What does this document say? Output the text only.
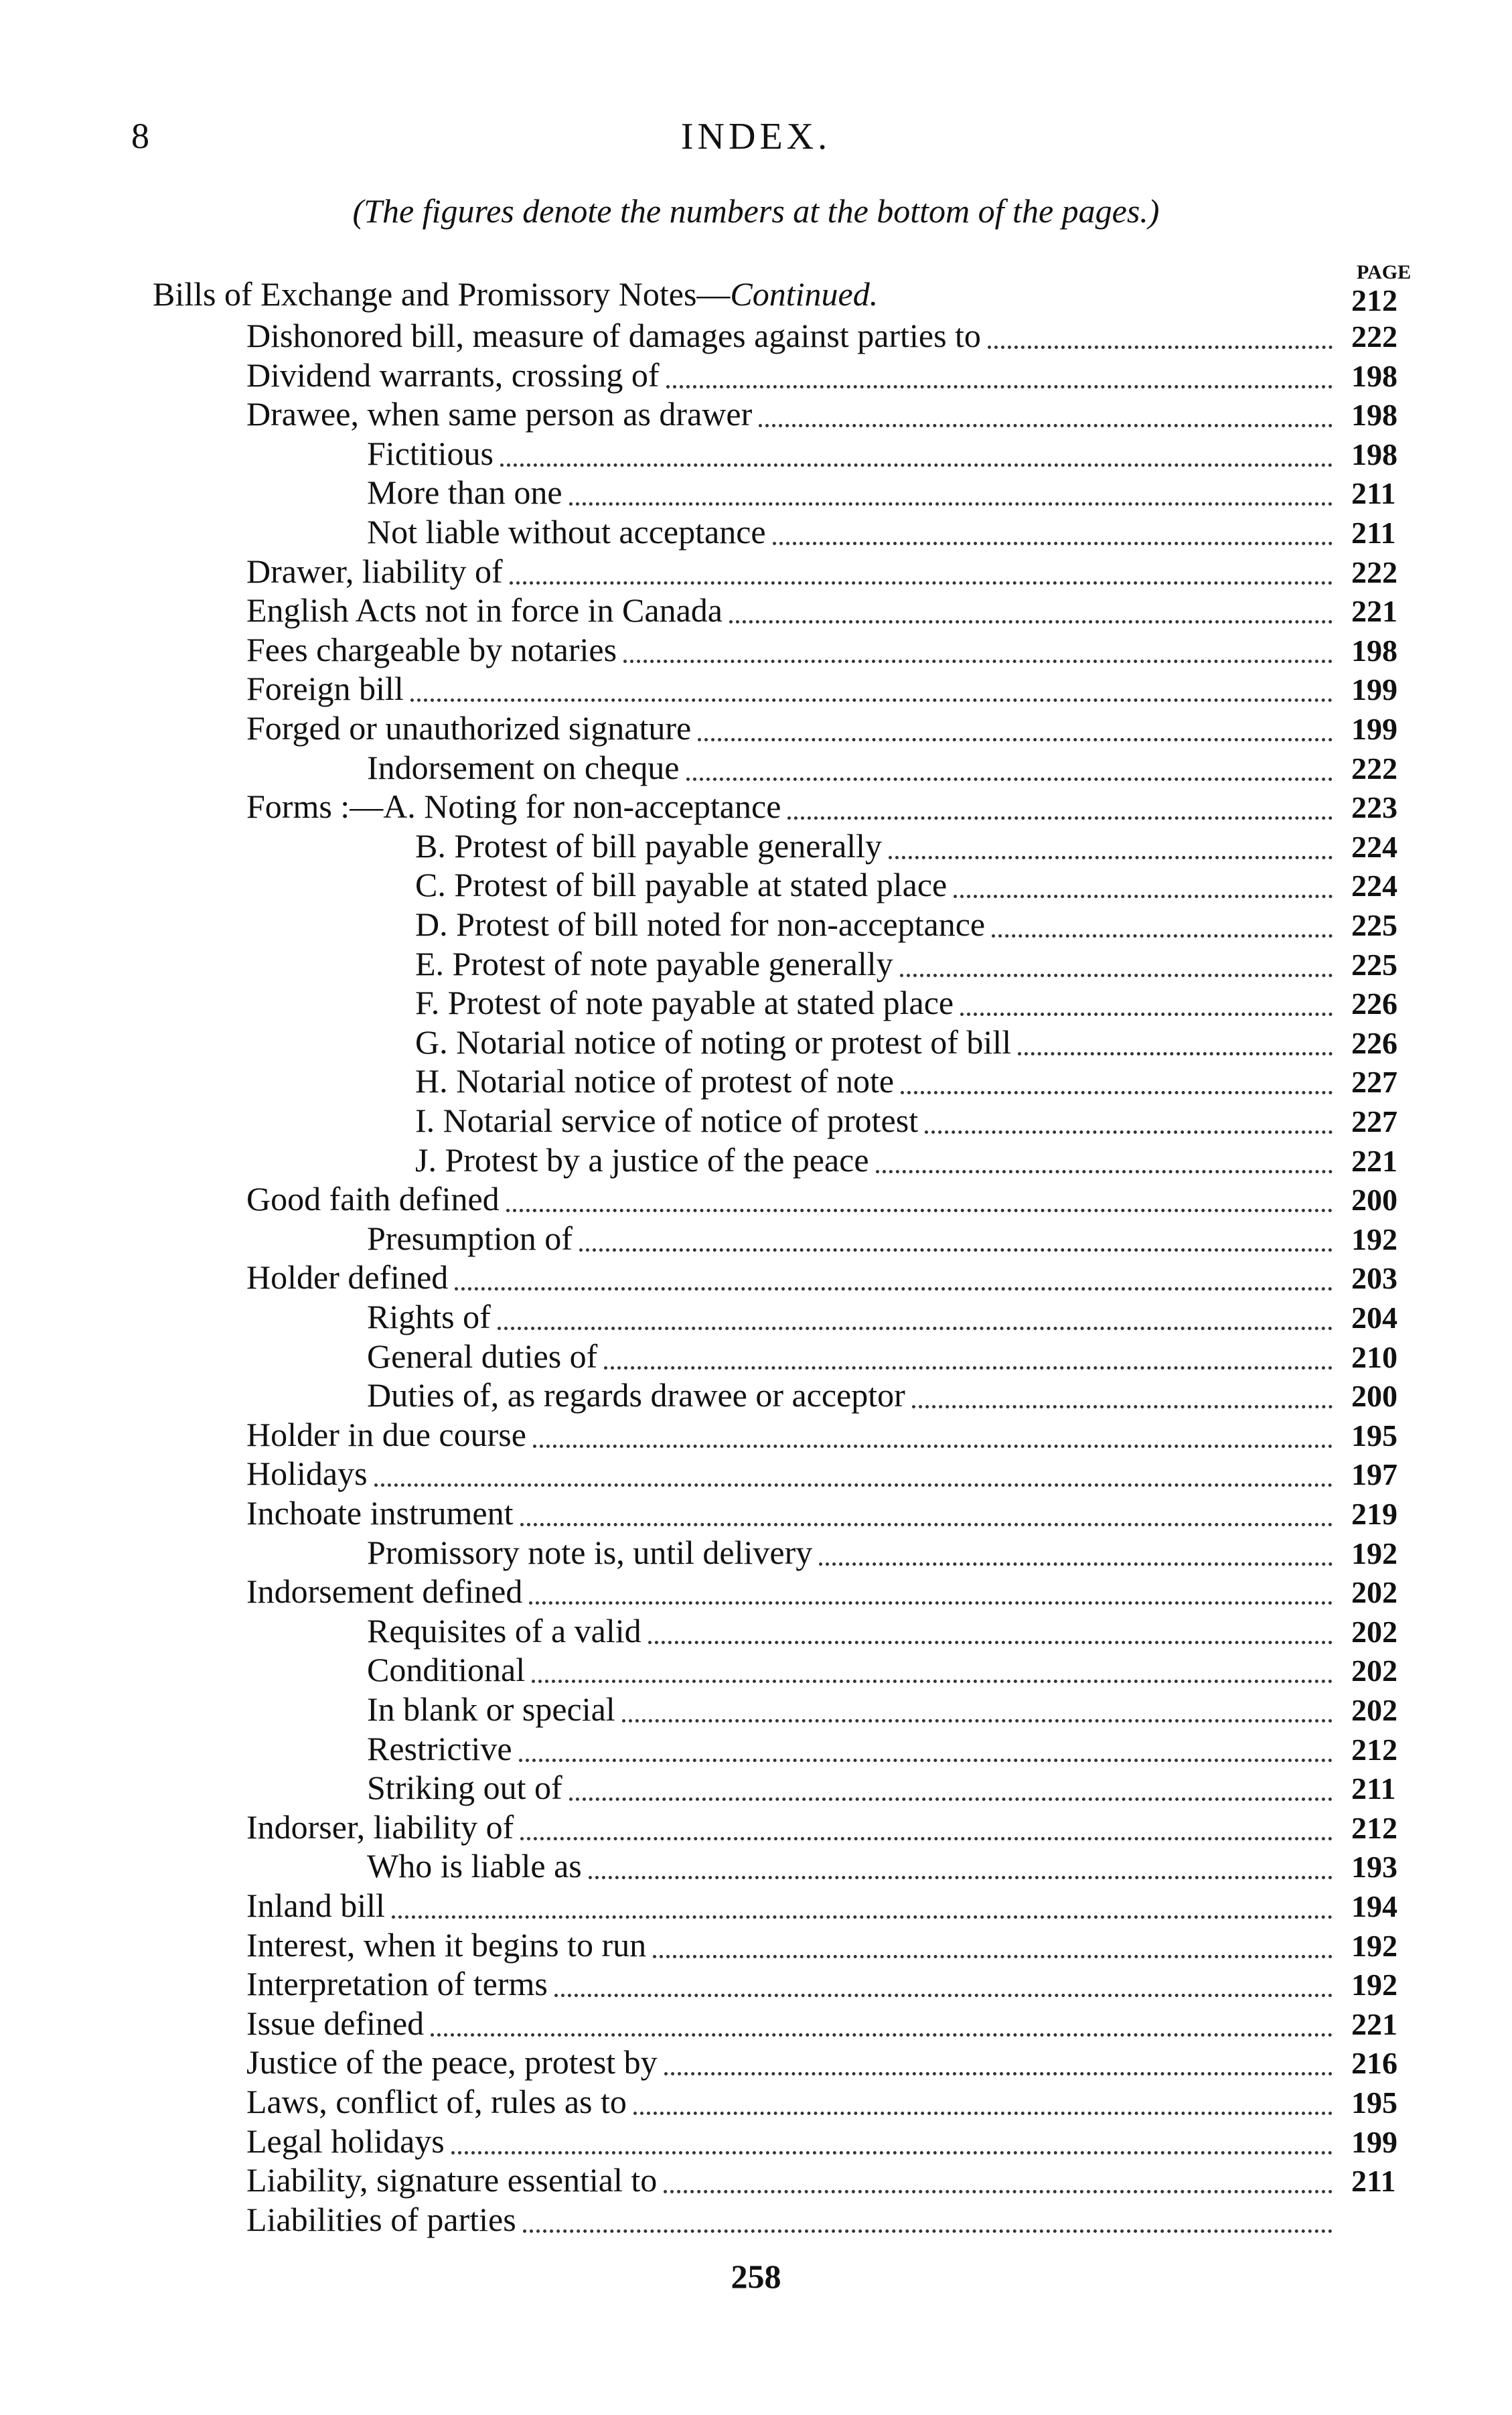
8	INDEX.
(The figures denote the numbers at the bottom of the pages.)
PAGE
Bills of Exchange and Promissory Notes—Continued.	212
Dishonored bill, measure of damages against parties to	222
Dividend warrants, crossing of	198
Drawee, when same person as drawer	198
Fictitious	198
More than one	211
Not liable without acceptance	211
Drawer, liability of	222
English Acts not in force in Canada	221
Fees chargeable by notaries	198
Foreign bill	199
Forged or unauthorized signature	199
Indorsement on cheque	222
Forms :—A. Noting for non-acceptance	223
B. Protest of bill payable generally	224
C. Protest of bill payable at stated place	224
D. Protest of bill noted for non-acceptance	225
E. Protest of note payable generally	225
F. Protest of note payable at stated place	226
G. Notarial notice of noting or protest of bill	226
H. Notarial notice of protest of note	227
I. Notarial service of notice of protest	227
J. Protest by a justice of the peace	221
Good faith defined	200
Presumption of	192
Holder defined	203
Rights of	204
General duties of	210
Duties of, as regards drawee or acceptor	200
Holder in due course	195
Holidays	197
Inchoate instrument	219
Promissory note is, until delivery	192
Indorsement defined	202
Requisites of a valid	202
Conditional	202
In blank or special	202
Restrictive	212
Striking out of	211
Indorser, liability of	212
Who is liable as	193
Inland bill	194
Interest, when it begins to run	192
Interpretation of terms	192
Issue defined	221
Justice of the peace, protest by	216
Laws, conflict of, rules as to	195
Legal holidays	199
Liability, signature essential to	211
Liabilities of parties
258
